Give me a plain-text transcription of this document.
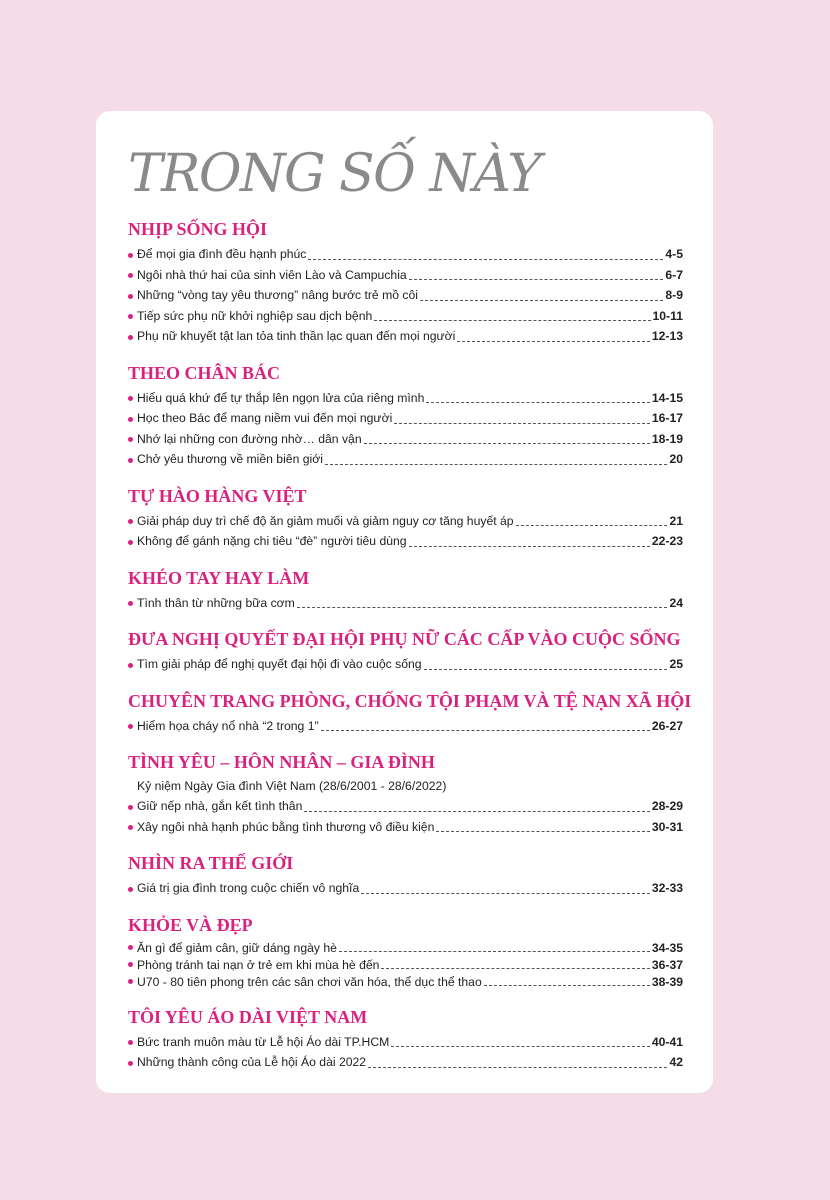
TRONG SỐ NÀY
NHỊP SỐNG HỘI
Để mọi gia đình đều hạnh phúc	4-5
Ngôi nhà thứ hai của sinh viên Lào và Campuchia	6-7
Những “vòng tay yêu thương” nâng bước trẻ mồ côi	8-9
Tiếp sức phụ nữ khởi nghiệp sau dịch bệnh	10-11
Phụ nữ khuyết tật lan tỏa tinh thần lạc quan đến mọi người	12-13
THEO CHÂN BÁC
Hiểu quá khứ để tự thắp lên ngọn lửa của riêng mình	14-15
Học theo Bác để mang niềm vui đến mọi người	16-17
Nhớ lại những con đường nhờ… dân vận	18-19
Chở yêu thương về miền biên giới	20
TỰ HÀO HÀNG VIỆT
Giải pháp duy trì chế độ ăn giảm muối và giảm nguy cơ tăng huyết áp	21
Không để gánh nặng chi tiêu “đè” người tiêu dùng	22-23
KHÉO TAY HAY LÀM
Tình thân từ những bữa cơm	24
ĐƯA NGHỊ QUYẾT ĐẠI HỘI PHỤ NỮ CÁC CẤP VÀO CUỘC SỐNG
Tìm giải pháp để nghị quyết đại hội đi vào cuộc sống	25
CHUYÊN TRANG PHÒNG, CHỐNG TỘI PHẠM VÀ TỆ NẠN XÃ HỘI
Hiểm họa cháy nổ nhà “2 trong 1”	26-27
TÌNH YÊU – HÔN NHÂN – GIA ĐÌNH
Kỷ niệm Ngày Gia đình Việt Nam (28/6/2001 - 28/6/2022)
Giữ nếp nhà, gắn kết tình thân	28-29
Xây ngôi nhà hạnh phúc bằng tình thương vô điều kiện	30-31
NHÌN RA THẾ GIỚI
Giá trị gia đình trong cuộc chiến vô nghĩa	32-33
KHỎE VÀ ĐẸP
Ăn gì để giảm cân, giữ dáng ngày hè	34-35
Phòng tránh tai nạn ở trẻ em khi mùa hè đến	36-37
U70 - 80 tiên phong trên các sân chơi văn hóa, thể dục thể thao	38-39
TÔI YÊU ÁO DÀI VIỆT NAM
Bức tranh muôn màu từ Lễ hội Áo dài TP.HCM	40-41
Những thành công của Lễ hội Áo dài 2022	42
